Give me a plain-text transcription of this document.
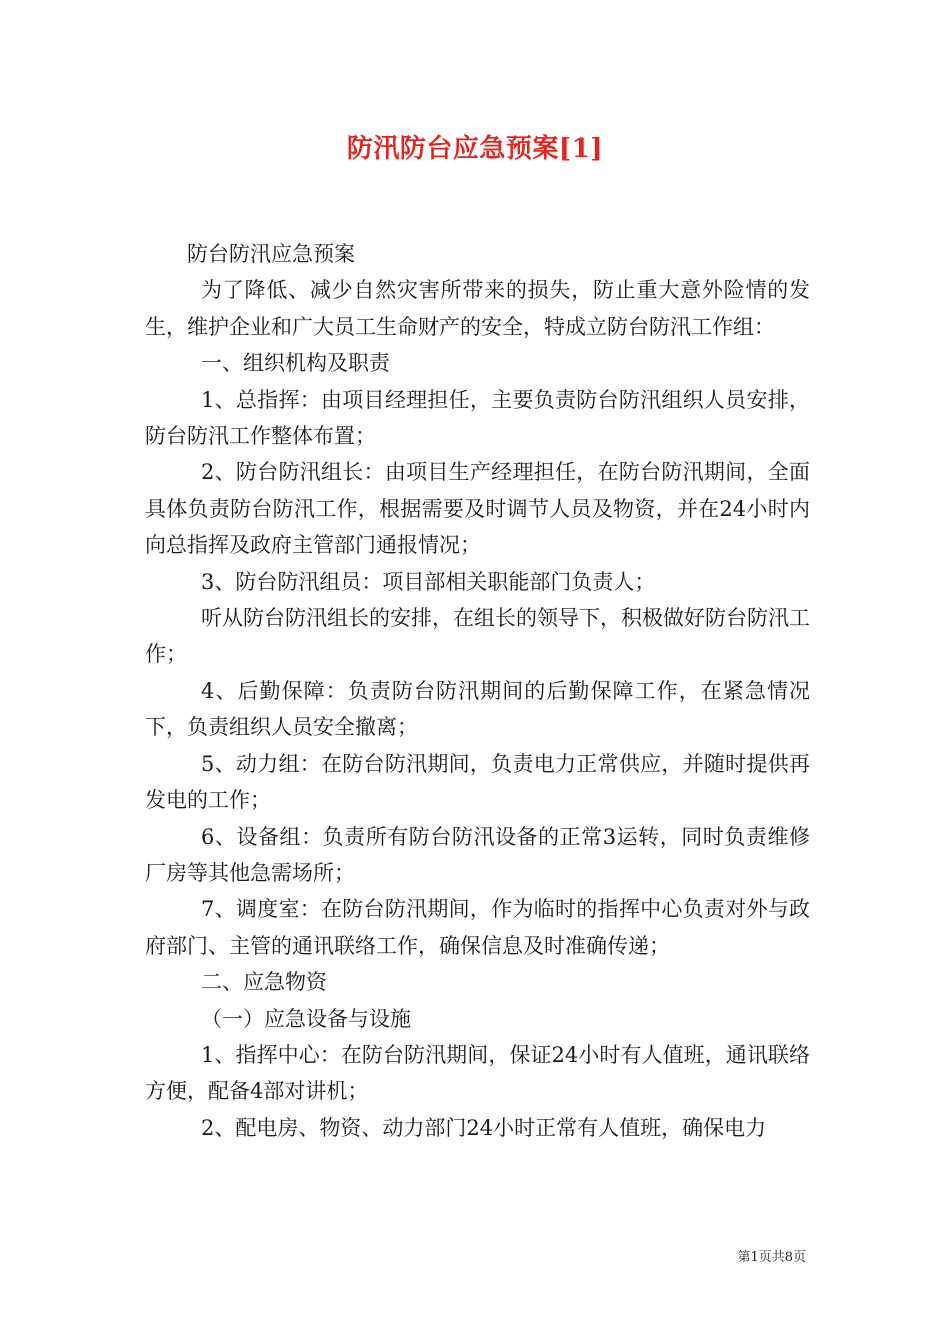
防汛防台应急预案[1]

防台防汛应急预案

为了降低、减少自然灾害所带来的损失，防止重大意外险情的发生，维护企业和广大员工生命财产的安全，特成立防台防汛工作组：

一、组织机构及职责

1、总指挥：由项目经理担任，主要负责防台防汛组织人员安排，防台防汛工作整体布置；

2、防台防汛组长：由项目生产经理担任，在防台防汛期间，全面具体负责防台防汛工作，根据需要及时调节人员及物资，并在24小时内向总指挥及政府主管部门通报情况；

3、防台防汛组员：项目部相关职能部门负责人；

听从防台防汛组长的安排，在组长的领导下，积极做好防台防汛工作；

4、后勤保障：负责防台防汛期间的后勤保障工作，在紧急情况下，负责组织人员安全撤离；

5、动力组：在防台防汛期间，负责电力正常供应，并随时提供再发电的工作；

6、设备组：负责所有防台防汛设备的正常3运转，同时负责维修厂房等其他急需场所；

7、调度室：在防台防汛期间，作为临时的指挥中心负责对外与政府部门、主管的通讯联络工作，确保信息及时准确传递；

二、应急物资

（一）应急设备与设施

1、指挥中心：在防台防汛期间，保证24小时有人值班，通讯联络方便，配备4部对讲机；

2、配电房、物资、动力部门24小时正常有人值班，确保电力

第1页共8页
